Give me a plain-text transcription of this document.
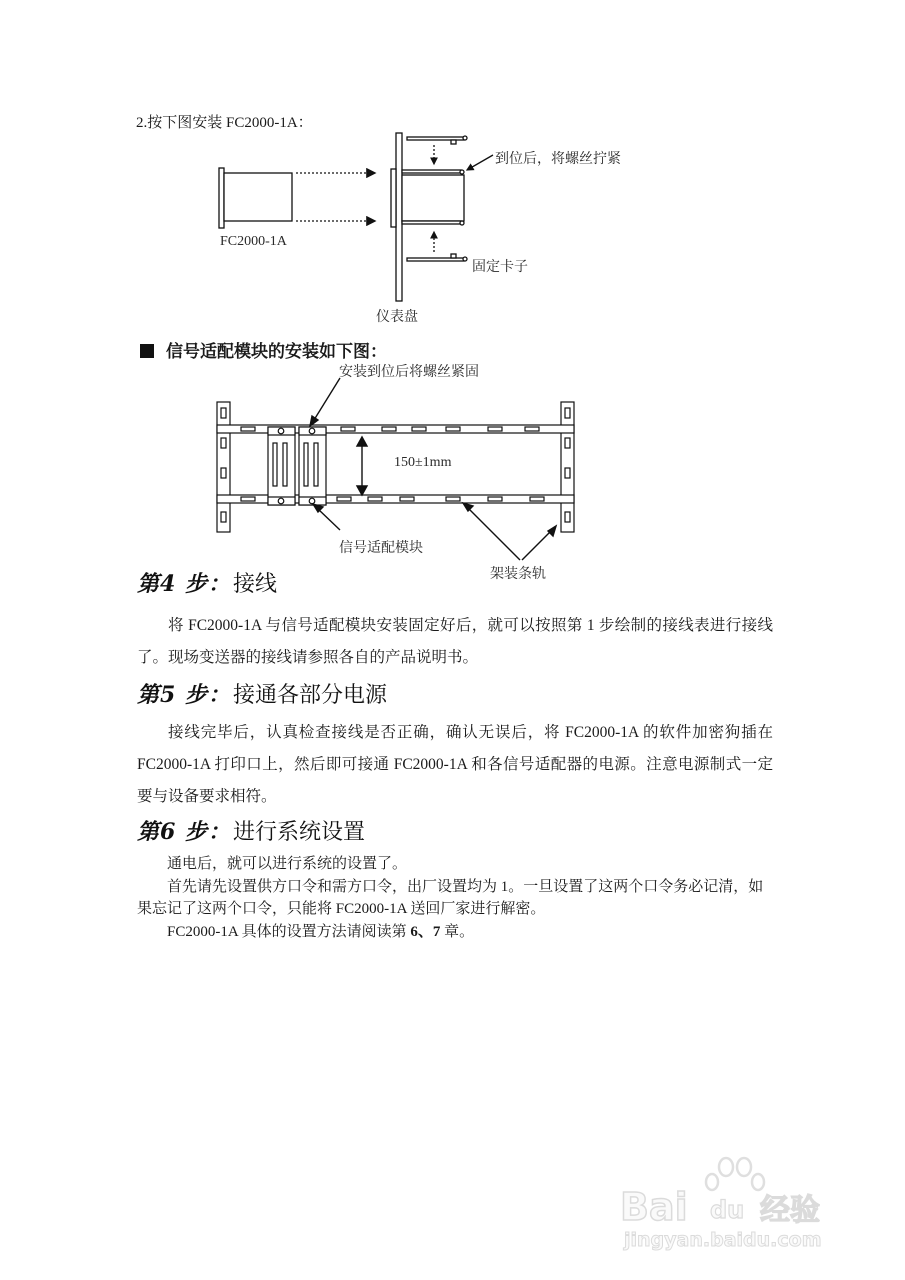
2.按下图安装 FC2000-1A：
FC2000-1A
到位后，将螺丝拧紧
固定卡子
仪表盘
信号适配模块的安装如下图：
安装到位后将螺丝紧固
150±1mm
信号适配模块
架装条轨
第4 步：接线

将 FC2000-1A 与信号适配模块安装固定好后，就可以按照第 1 步绘制的接线表进行接线了。现场变送器的接线请参照各自的产品说明书。

第5 步：接通各部分电源

接线完毕后，认真检查接线是否正确，确认无误后，将 FC2000-1A 的软件加密狗插在 FC2000-1A 打印口上，然后即可接通 FC2000-1A 和各信号适配器的电源。注意电源制式一定要与设备要求相符。

第6 步：进行系统设置

通电后，就可以进行系统的设置了。

首先请先设置供方口令和需方口令，出厂设置均为 1。一旦设置了这两个口令务必记清，如果忘记了这两个口令，只能将 FC2000-1A 送回厂家进行解密。

FC2000-1A 具体的设置方法请阅读第 6、7 章。

Bai du 经验
jingyan.baidu.com
